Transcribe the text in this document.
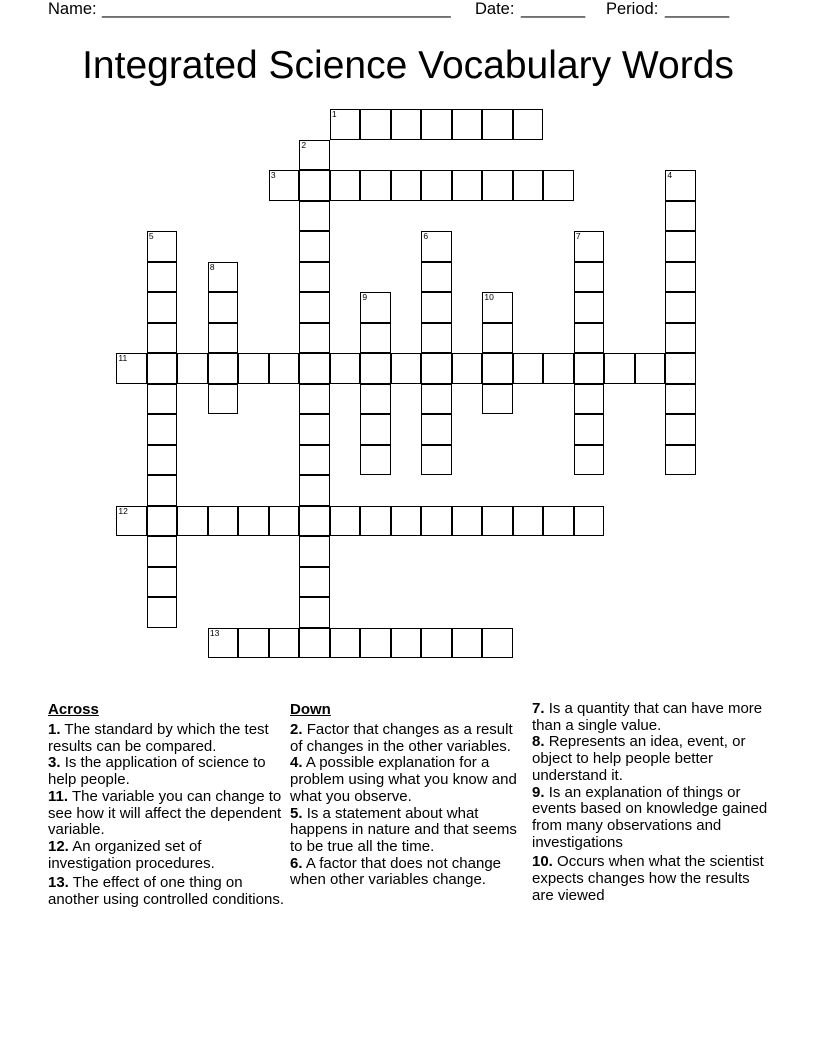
Name: ______________________________________ Date: _______ Period: _______
Integrated Science Vocabulary Words
1
2
3	4
5	6	7
8
9	10
11
12
13
Across
1. The standard by which the test results can be compared.
3. Is the application of science to help people.
11. The variable you can change to see how it will affect the dependent variable.
12. An organized set of investigation procedures.
13. The effect of one thing on another using controlled conditions.
Down
2. Factor that changes as a result of changes in the other variables.
4. A possible explanation for a problem using what you know and what you observe.
5. Is a statement about what happens in nature and that seems to be true all the time.
6. A factor that does not change when other variables change.
7. Is a quantity that can have more than a single value.
8. Represents an idea, event, or object to help people better understand it.
9. Is an explanation of things or events based on knowledge gained from many observations and investigations
10. Occurs when what the scientist expects changes how the results are viewed
